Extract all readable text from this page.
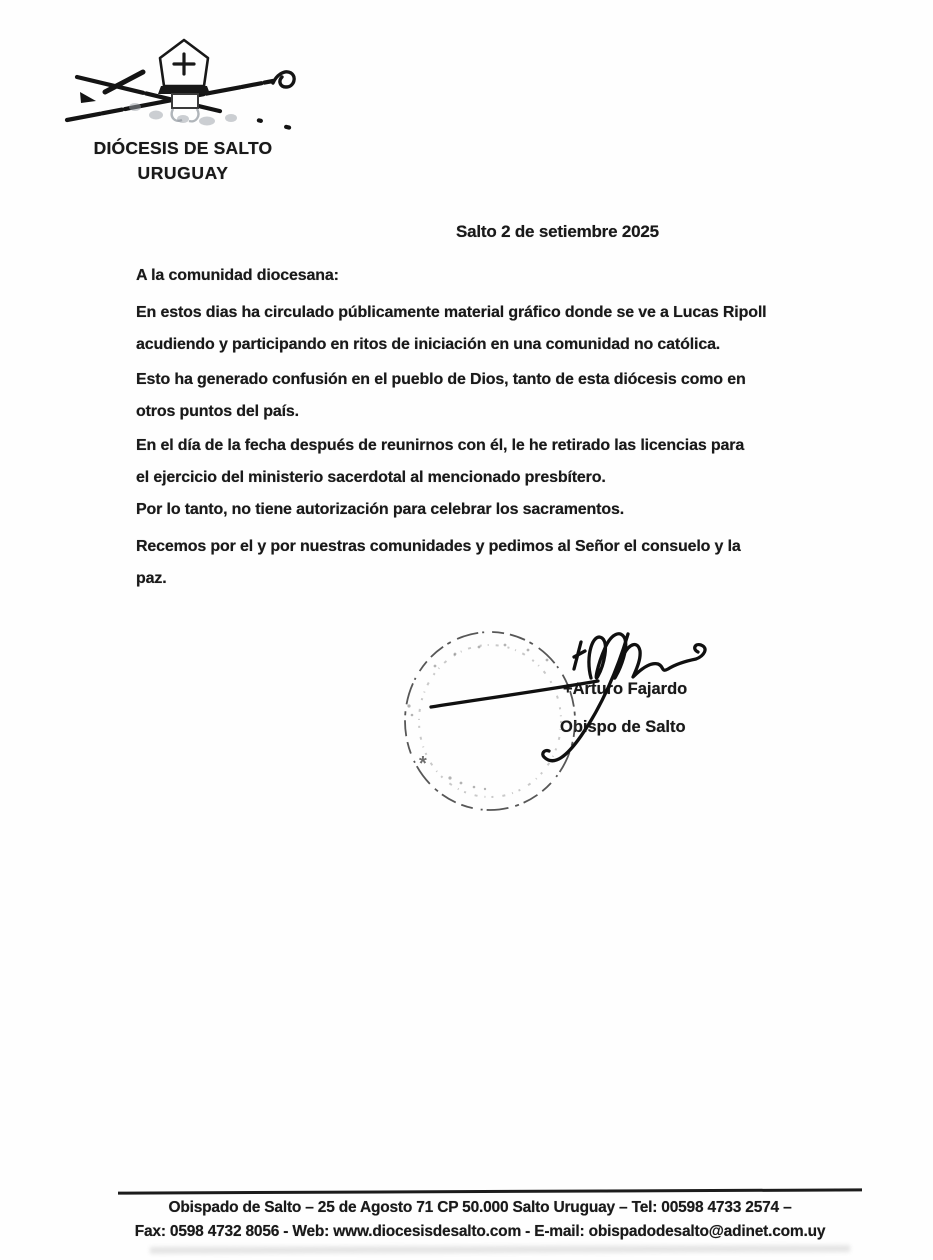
DIÓCESIS DE SALTO
URUGUAY
Salto 2 de setiembre 2025

A la comunidad diocesana:

En estos dias ha circulado públicamente material gráfico donde se ve a Lucas Ripoll
acudiendo y participando en ritos de iniciación en una comunidad no católica.

Esto ha generado confusión en el pueblo de Dios, tanto de esta diócesis como en
otros puntos del país.

En el día de la fecha después de reunirnos con él, le he retirado las licencias para
el ejercicio del ministerio sacerdotal al mencionado presbítero.

Por lo tanto, no tiene autorización para celebrar los sacramentos.

Recemos por el y por nuestras comunidades y pedimos al Señor el consuelo y la
paz.

+Arturo Fajardo
Obispo de Salto
*
Obispado de Salto – 25 de Agosto 71 CP 50.000 Salto Uruguay – Tel: 00598 4733 2574 –
Fax: 0598 4732 8056 - Web: www.diocesisdesalto.com - E-mail: obispadodesalto@adinet.com.uy
